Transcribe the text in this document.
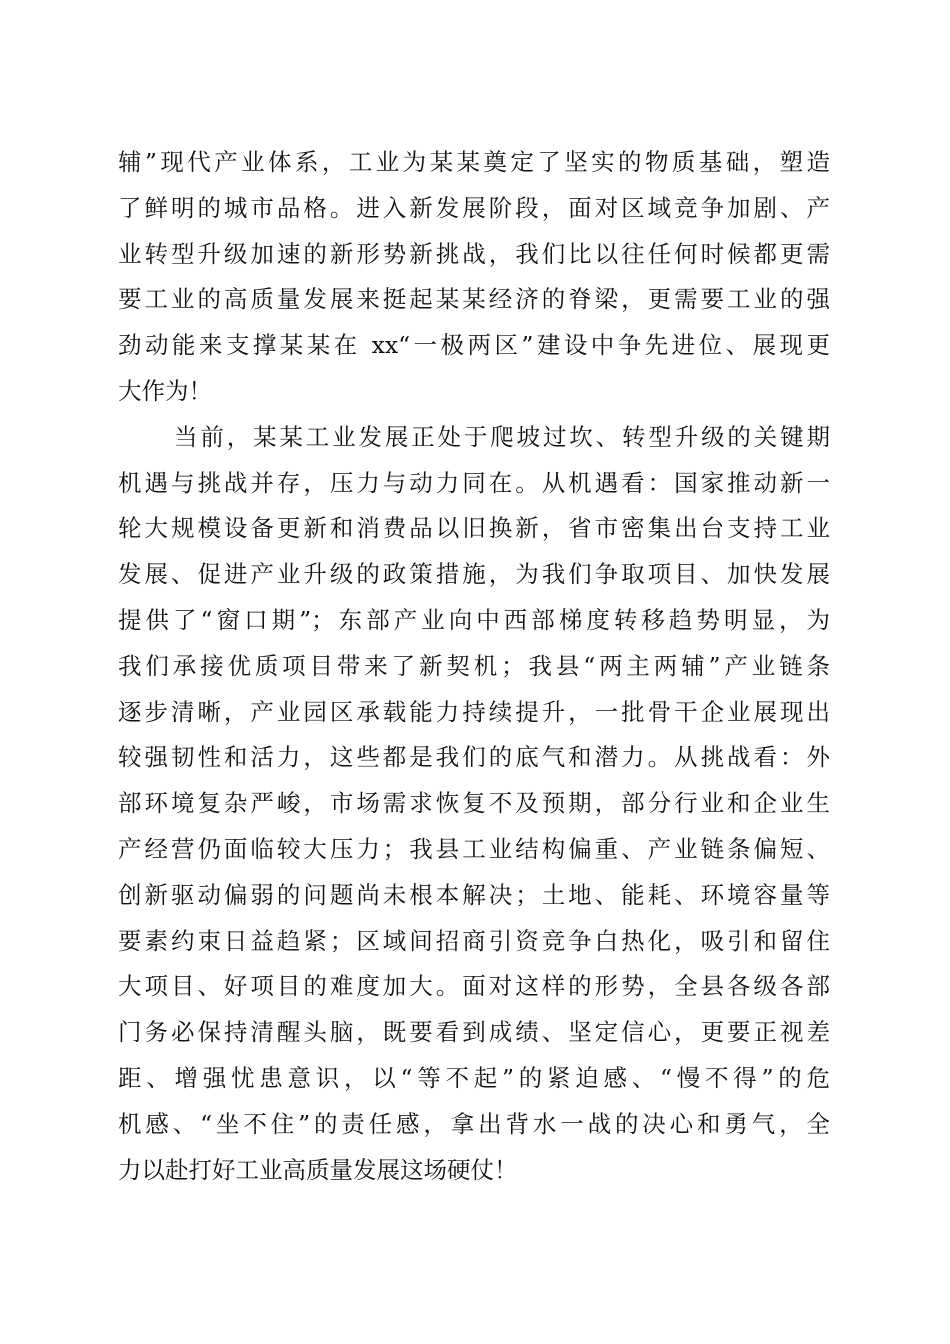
辅”现代产业体系，工业为某某奠定了坚实的物质基础，塑造
了鲜明的城市品格。进入新发展阶段，面对区域竞争加剧、产
业转型升级加速的新形势新挑战，我们比以往任何时候都更需
要工业的高质量发展来挺起某某经济的脊梁，更需要工业的强
劲动能来支撑某某在 xx“一极两区”建设中争先进位、展现更
大作为！
当前，某某工业发展正处于爬坡过坎、转型升级的关键期
机遇与挑战并存，压力与动力同在。从机遇看：国家推动新一
轮大规模设备更新和消费品以旧换新，省市密集出台支持工业
发展、促进产业升级的政策措施，为我们争取项目、加快发展
提供了“窗口期”；东部产业向中西部梯度转移趋势明显，为
我们承接优质项目带来了新契机；我县“两主两辅”产业链条
逐步清晰，产业园区承载能力持续提升，一批骨干企业展现出
较强韧性和活力，这些都是我们的底气和潜力。从挑战看：外
部环境复杂严峻，市场需求恢复不及预期，部分行业和企业生
产经营仍面临较大压力；我县工业结构偏重、产业链条偏短、
创新驱动偏弱的问题尚未根本解决；土地、能耗、环境容量等
要素约束日益趋紧；区域间招商引资竞争白热化，吸引和留住
大项目、好项目的难度加大。面对这样的形势，全县各级各部
门务必保持清醒头脑，既要看到成绩、坚定信心，更要正视差
距、增强忧患意识，以“等不起”的紧迫感、“慢不得”的危
机感、“坐不住”的责任感，拿出背水一战的决心和勇气，全
力以赴打好工业高质量发展这场硬仗！
